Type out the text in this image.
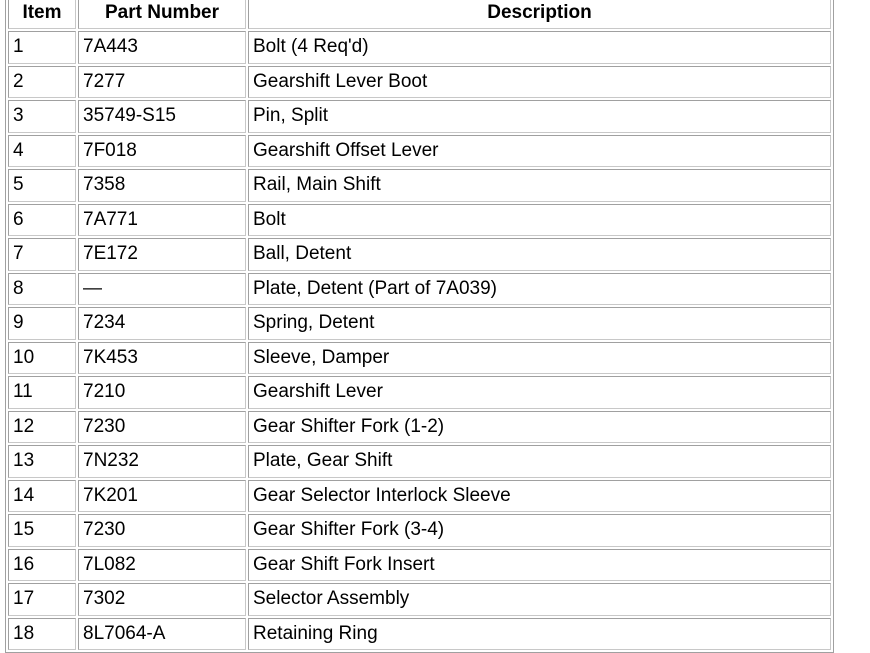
Item	Part Number	Description
1	7A443	Bolt (4 Req'd)
2	7277	Gearshift Lever Boot
3	35749-S15	Pin, Split
4	7F018	Gearshift Offset Lever
5	7358	Rail, Main Shift
6	7A771	Bolt
7	7E172	Ball, Detent
8	—	Plate, Detent (Part of 7A039)
9	7234	Spring, Detent
10	7K453	Sleeve, Damper
11	7210	Gearshift Lever
12	7230	Gear Shifter Fork (1-2)
13	7N232	Plate, Gear Shift
14	7K201	Gear Selector Interlock Sleeve
15	7230	Gear Shifter Fork (3-4)
16	7L082	Gear Shift Fork Insert
17	7302	Selector Assembly
18	8L7064-A	Retaining Ring
